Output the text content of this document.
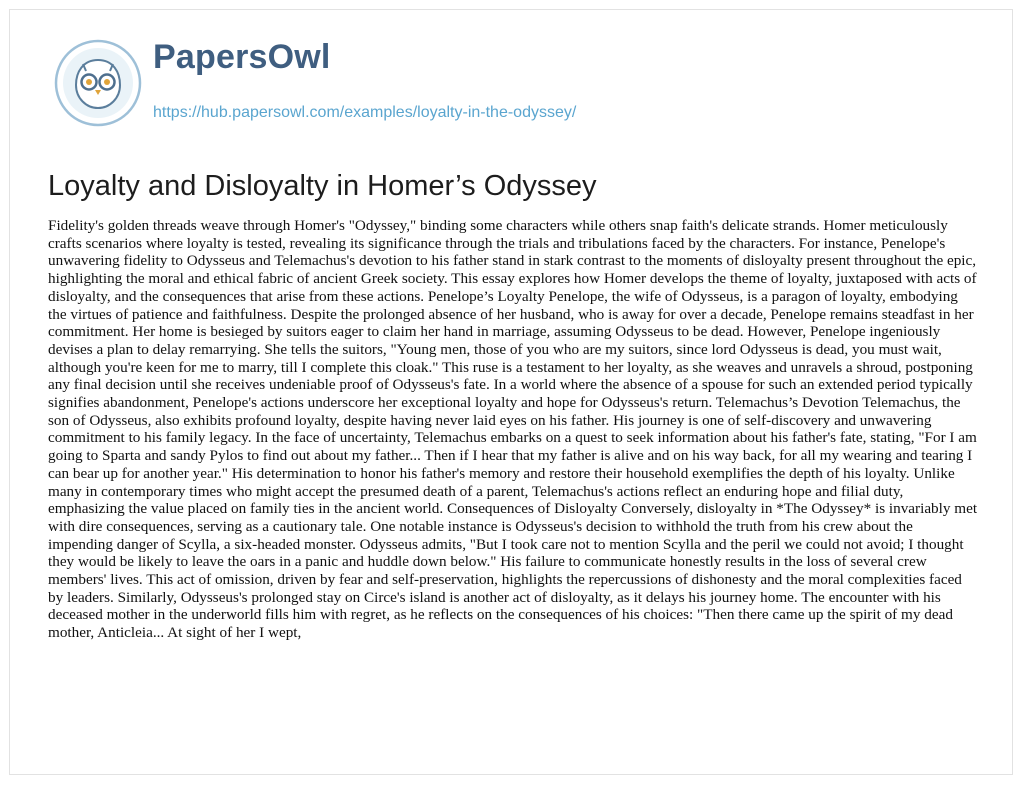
PapersOwl
https://hub.papersowl.com/examples/loyalty-in-the-odyssey/
Loyalty and Disloyalty in Homer’s Odyssey

Fidelity's golden threads weave through Homer's "Odyssey," binding some characters while others snap faith's delicate strands. Homer meticulously crafts scenarios where loyalty is tested, revealing its significance through the trials and tribulations faced by the characters. For instance, Penelope's unwavering fidelity to Odysseus and Telemachus's devotion to his father stand in stark contrast to the moments of disloyalty present throughout the epic, highlighting the moral and ethical fabric of ancient Greek society. This essay explores how Homer develops the theme of loyalty, juxtaposed with acts of disloyalty, and the consequences that arise from these actions. Penelope’s Loyalty Penelope, the wife of Odysseus, is a paragon of loyalty, embodying the virtues of patience and faithfulness. Despite the prolonged absence of her husband, who is away for over a decade, Penelope remains steadfast in her commitment. Her home is besieged by suitors eager to claim her hand in marriage, assuming Odysseus to be dead. However, Penelope ingeniously devises a plan to delay remarrying. She tells the suitors, "Young men, those of you who are my suitors, since lord Odysseus is dead, you must wait, although you're keen for me to marry, till I complete this cloak." This ruse is a testament to her loyalty, as she weaves and unravels a shroud, postponing any final decision until she receives undeniable proof of Odysseus's fate. In a world where the absence of a spouse for such an extended period typically signifies abandonment, Penelope's actions underscore her exceptional loyalty and hope for Odysseus's return. Telemachus’s Devotion Telemachus, the son of Odysseus, also exhibits profound loyalty, despite having never laid eyes on his father. His journey is one of self-discovery and unwavering commitment to his family legacy. In the face of uncertainty, Telemachus embarks on a quest to seek information about his father's fate, stating, "For I am going to Sparta and sandy Pylos to find out about my father... Then if I hear that my father is alive and on his way back, for all my wearing and tearing I can bear up for another year." His determination to honor his father's memory and restore their household exemplifies the depth of his loyalty. Unlike many in contemporary times who might accept the presumed death of a parent, Telemachus's actions reflect an enduring hope and filial duty, emphasizing the value placed on family ties in the ancient world. Consequences of Disloyalty Conversely, disloyalty in *The Odyssey* is invariably met with dire consequences, serving as a cautionary tale. One notable instance is Odysseus's decision to withhold the truth from his crew about the impending danger of Scylla, a six-headed monster. Odysseus admits, "But I took care not to mention Scylla and the peril we could not avoid; I thought they would be likely to leave the oars in a panic and huddle down below." His failure to communicate honestly results in the loss of several crew members' lives. This act of omission, driven by fear and self-preservation, highlights the repercussions of dishonesty and the moral complexities faced by leaders. Similarly, Odysseus's prolonged stay on Circe's island is another act of disloyalty, as it delays his journey home. The encounter with his deceased mother in the underworld fills him with regret, as he reflects on the consequences of his choices: "Then there came up the spirit of my dead mother, Anticleia... At sight of her I wept,
